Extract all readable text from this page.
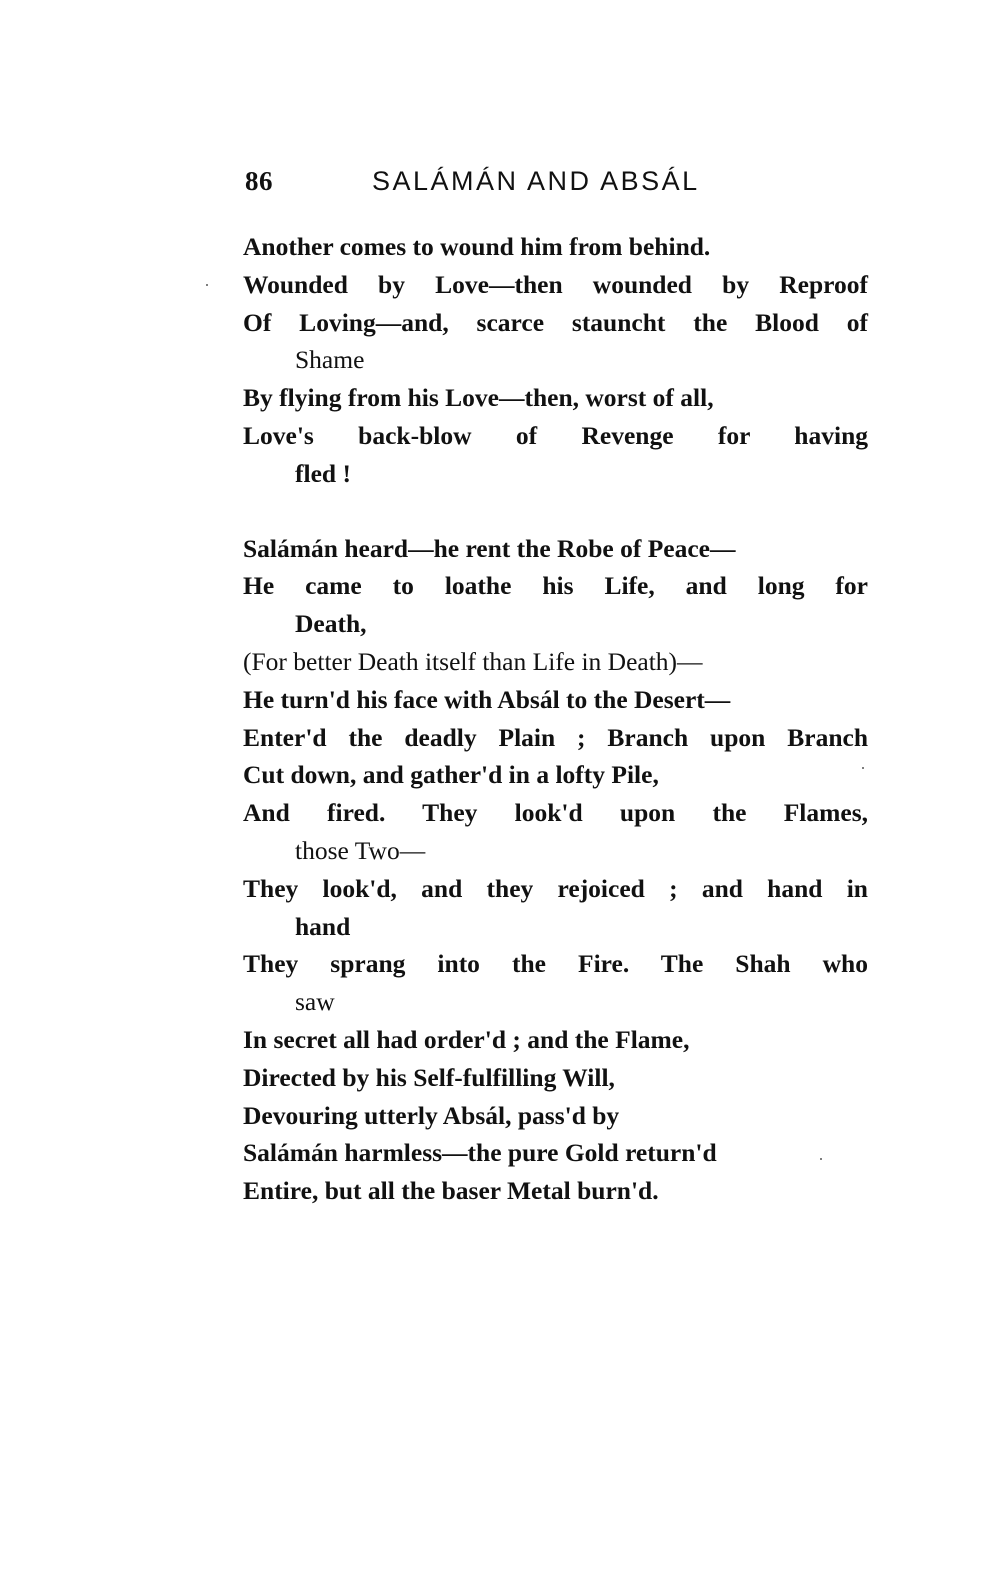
86	SALÁMÁN AND ABSÁL
Another comes to wound him from behind.
Wounded by Love—then wounded by Reproof
Of Loving—and, scarce stauncht the Blood of
Shame
By flying from his Love—then, worst of all,
Love's back-blow of Revenge for having
fled !
Salámán heard—he rent the Robe of Peace—
He came to loathe his Life, and long for
Death,
(For better Death itself than Life in Death)—
He turn'd his face with Absál to the Desert—
Enter'd the deadly Plain ; Branch upon Branch
Cut down, and gather'd in a lofty Pile,
And fired. They look'd upon the Flames,
those Two—
They look'd, and they rejoiced ; and hand in
hand
They sprang into the Fire. The Shah who
saw
In secret all had order'd ; and the Flame,
Directed by his Self-fulfilling Will,
Devouring utterly Absál, pass'd by
Salámán harmless—the pure Gold return'd
Entire, but all the baser Metal burn'd.
